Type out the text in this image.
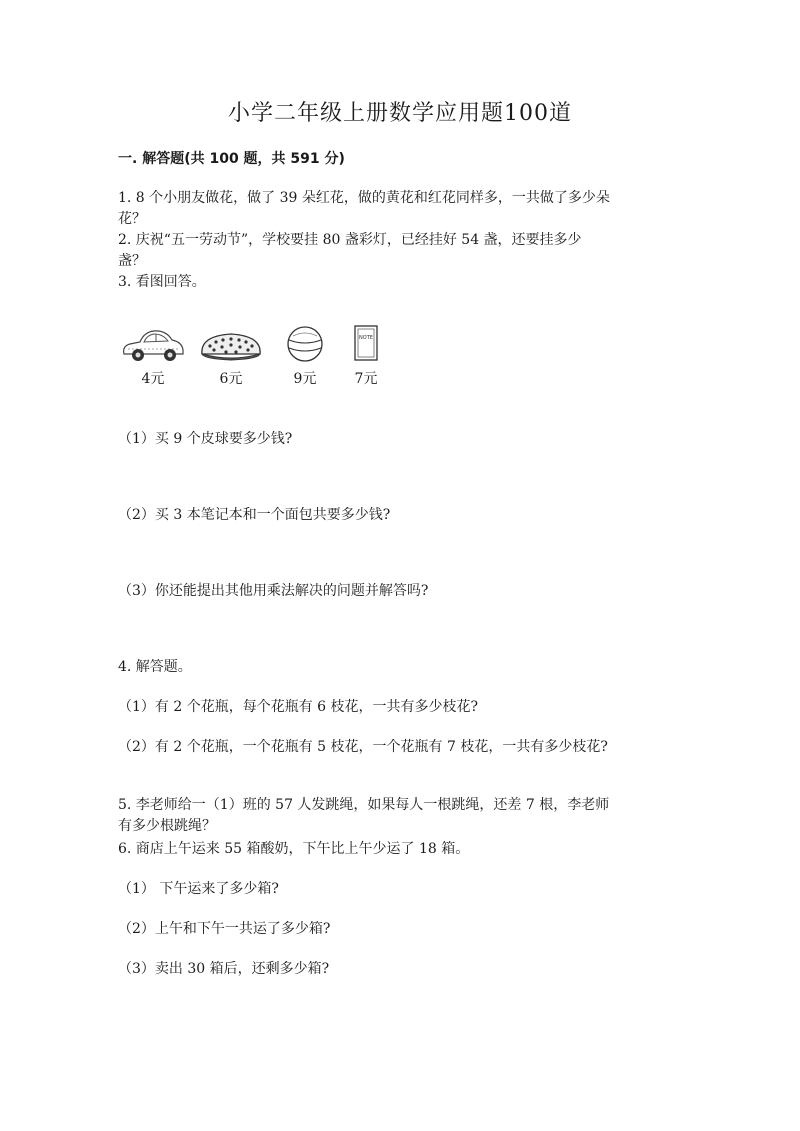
小学二年级上册数学应用题100道
一. 解答题(共 100 题，共 591 分)
1. 8 个小朋友做花，做了 39 朵红花，做的黄花和红花同样多，一共做了多少朵
花？
2. 庆祝“五一劳动节”，学校要挂 80 盏彩灯，已经挂好 54 盏，还要挂多少
盏？
3. 看图回答。
4元	6元	9元
NOTE
7元
（1）买 9 个皮球要多少钱?
（2）买 3 本笔记本和一个面包共要多少钱?
（3）你还能提出其他用乘法解决的问题并解答吗?
4. 解答题。
（1）有 2 个花瓶，每个花瓶有 6 枝花，一共有多少枝花?
（2）有 2 个花瓶，一个花瓶有 5 枝花，一个花瓶有 7 枝花，一共有多少枝花?
5. 李老师给一（1）班的 57 人发跳绳，如果每人一根跳绳，还差 7 根，李老师
有多少根跳绳？
6. 商店上午运来 55 箱酸奶，下午比上午少运了 18 箱。
（1） 下午运来了多少箱?
（2）上午和下午一共运了多少箱?
（3）卖出 30 箱后，还剩多少箱?
